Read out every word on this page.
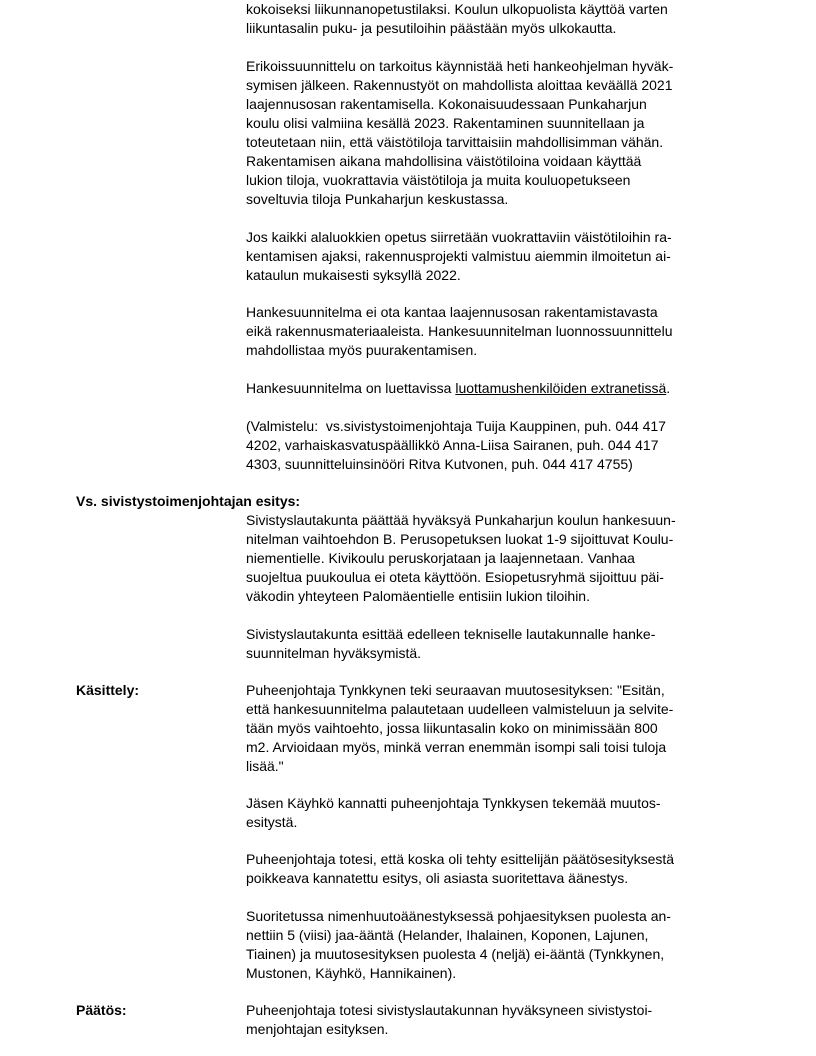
kokoiseksi liikunnanopetustilaksi. Koulun ulkopuolista käyttöä varten
liikuntasalin puku- ja pesutiloihin päästään myös ulkokautta.
Erikoissuunnittelu on tarkoitus käynnistää heti hankeohjelman hyväk-
symisen jälkeen. Rakennustyöt on mahdollista aloittaa keväällä 2021
laajennusosan rakentamisella. Kokonaisuudessaan Punkaharjun
koulu olisi valmiina kesällä 2023. Rakentaminen suunnitellaan ja
toteutetaan niin, että väistötiloja tarvittaisiin mahdollisimman vähän.
Rakentamisen aikana mahdollisina väistötiloina voidaan käyttää
lukion tiloja, vuokrattavia väistötiloja ja muita kouluopetukseen
soveltuvia tiloja Punkaharjun keskustassa.
Jos kaikki alaluokkien opetus siirretään vuokrattaviin väistötiloihin ra-
kentamisen ajaksi, rakennusprojekti valmistuu aiemmin ilmoitetun ai-
kataulun mukaisesti syksyllä 2022.
Hankesuunnitelma ei ota kantaa laajennusosan rakentamistavasta
eikä rakennusmateriaaleista. Hankesuunnitelman luonnossuunnittelu
mahdollistaa myös puurakentamisen.
Hankesuunnitelma on luettavissa luottamushenkilöiden extranetissä.
(Valmistelu:  vs.sivistystoimenjohtaja Tuija Kauppinen, puh. 044 417
4202, varhaiskasvatuspäällikkö Anna-Liisa Sairanen, puh. 044 417
4303, suunnitteluinsinööri Ritva Kutvonen, puh. 044 417 4755)
Vs. sivistystoimenjohtajan esitys:
Sivistyslautakunta päättää hyväksyä Punkaharjun koulun hankesuun-
nitelman vaihtoehdon B. Perusopetuksen luokat 1-9 sijoittuvat Koulu-
niementielle. Kivikoulu peruskorjataan ja laajennetaan. Vanhaa
suojeltua puukoulua ei oteta käyttöön. Esiopetusryhmä sijoittuu päi-
väkodin yhteyteen Palomäentielle entisiin lukion tiloihin.
Sivistyslautakunta esittää edelleen tekniselle lautakunnalle hanke-
suunnitelman hyväksymistä.
Käsittely:	Puheenjohtaja Tynkkynen teki seuraavan muutosesityksen: "Esitän,
että hankesuunnitelma palautetaan uudelleen valmisteluun ja selvite-
tään myös vaihtoehto, jossa liikuntasalin koko on minimissään 800
m2. Arvioidaan myös, minkä verran enemmän isompi sali toisi tuloja
lisää."
Jäsen Käyhkö kannatti puheenjohtaja Tynkkysen tekemää muutos-
esitystä.
Puheenjohtaja totesi, että koska oli tehty esittelijän päätösesityksestä
poikkeava kannatettu esitys, oli asiasta suoritettava äänestys.
Suoritetussa nimenhuutoäänestyksessä pohjaesityksen puolesta an-
nettiin 5 (viisi) jaa-ääntä (Helander, Ihalainen, Koponen, Lajunen,
Tiainen) ja muutosesityksen puolesta 4 (neljä) ei-ääntä (Tynkkynen,
Mustonen, Käyhkö, Hannikainen).
Päätös:	Puheenjohtaja totesi sivistyslautakunnan hyväksyneen sivistystoi-
menjohtajan esityksen.
